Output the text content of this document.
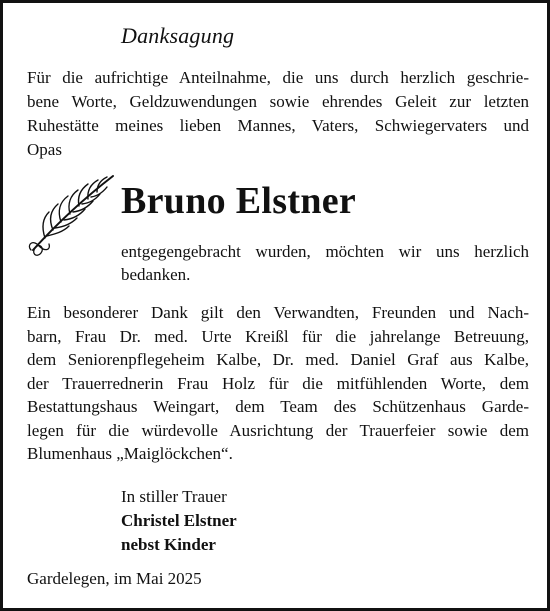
Danksagung
Für die aufrichtige Anteilnahme, die uns durch herzlich geschrie-
bene Worte, Geldzuwendungen sowie ehrendes Geleit zur letzten
Ruhestätte meines lieben Mannes, Vaters, Schwiegervaters und
Opas
Bruno Elstner
entgegengebracht wurden, möchten wir uns herzlich
bedanken.
Ein besonderer Dank gilt den Verwandten, Freunden und Nach-
barn, Frau Dr. med. Urte Kreißl für die jahrelange Betreuung,
dem Seniorenpflegeheim Kalbe, Dr. med. Daniel Graf aus Kalbe,
der Trauerrednerin Frau Holz für die mitfühlenden Worte, dem
Bestattungshaus Weingart, dem Team des Schützenhaus Garde-
legen für die würdevolle Ausrichtung der Trauerfeier sowie dem
Blumenhaus „Maiglöckchen“.
In stiller Trauer
Christel Elstner
nebst Kinder
Gardelegen, im Mai 2025
